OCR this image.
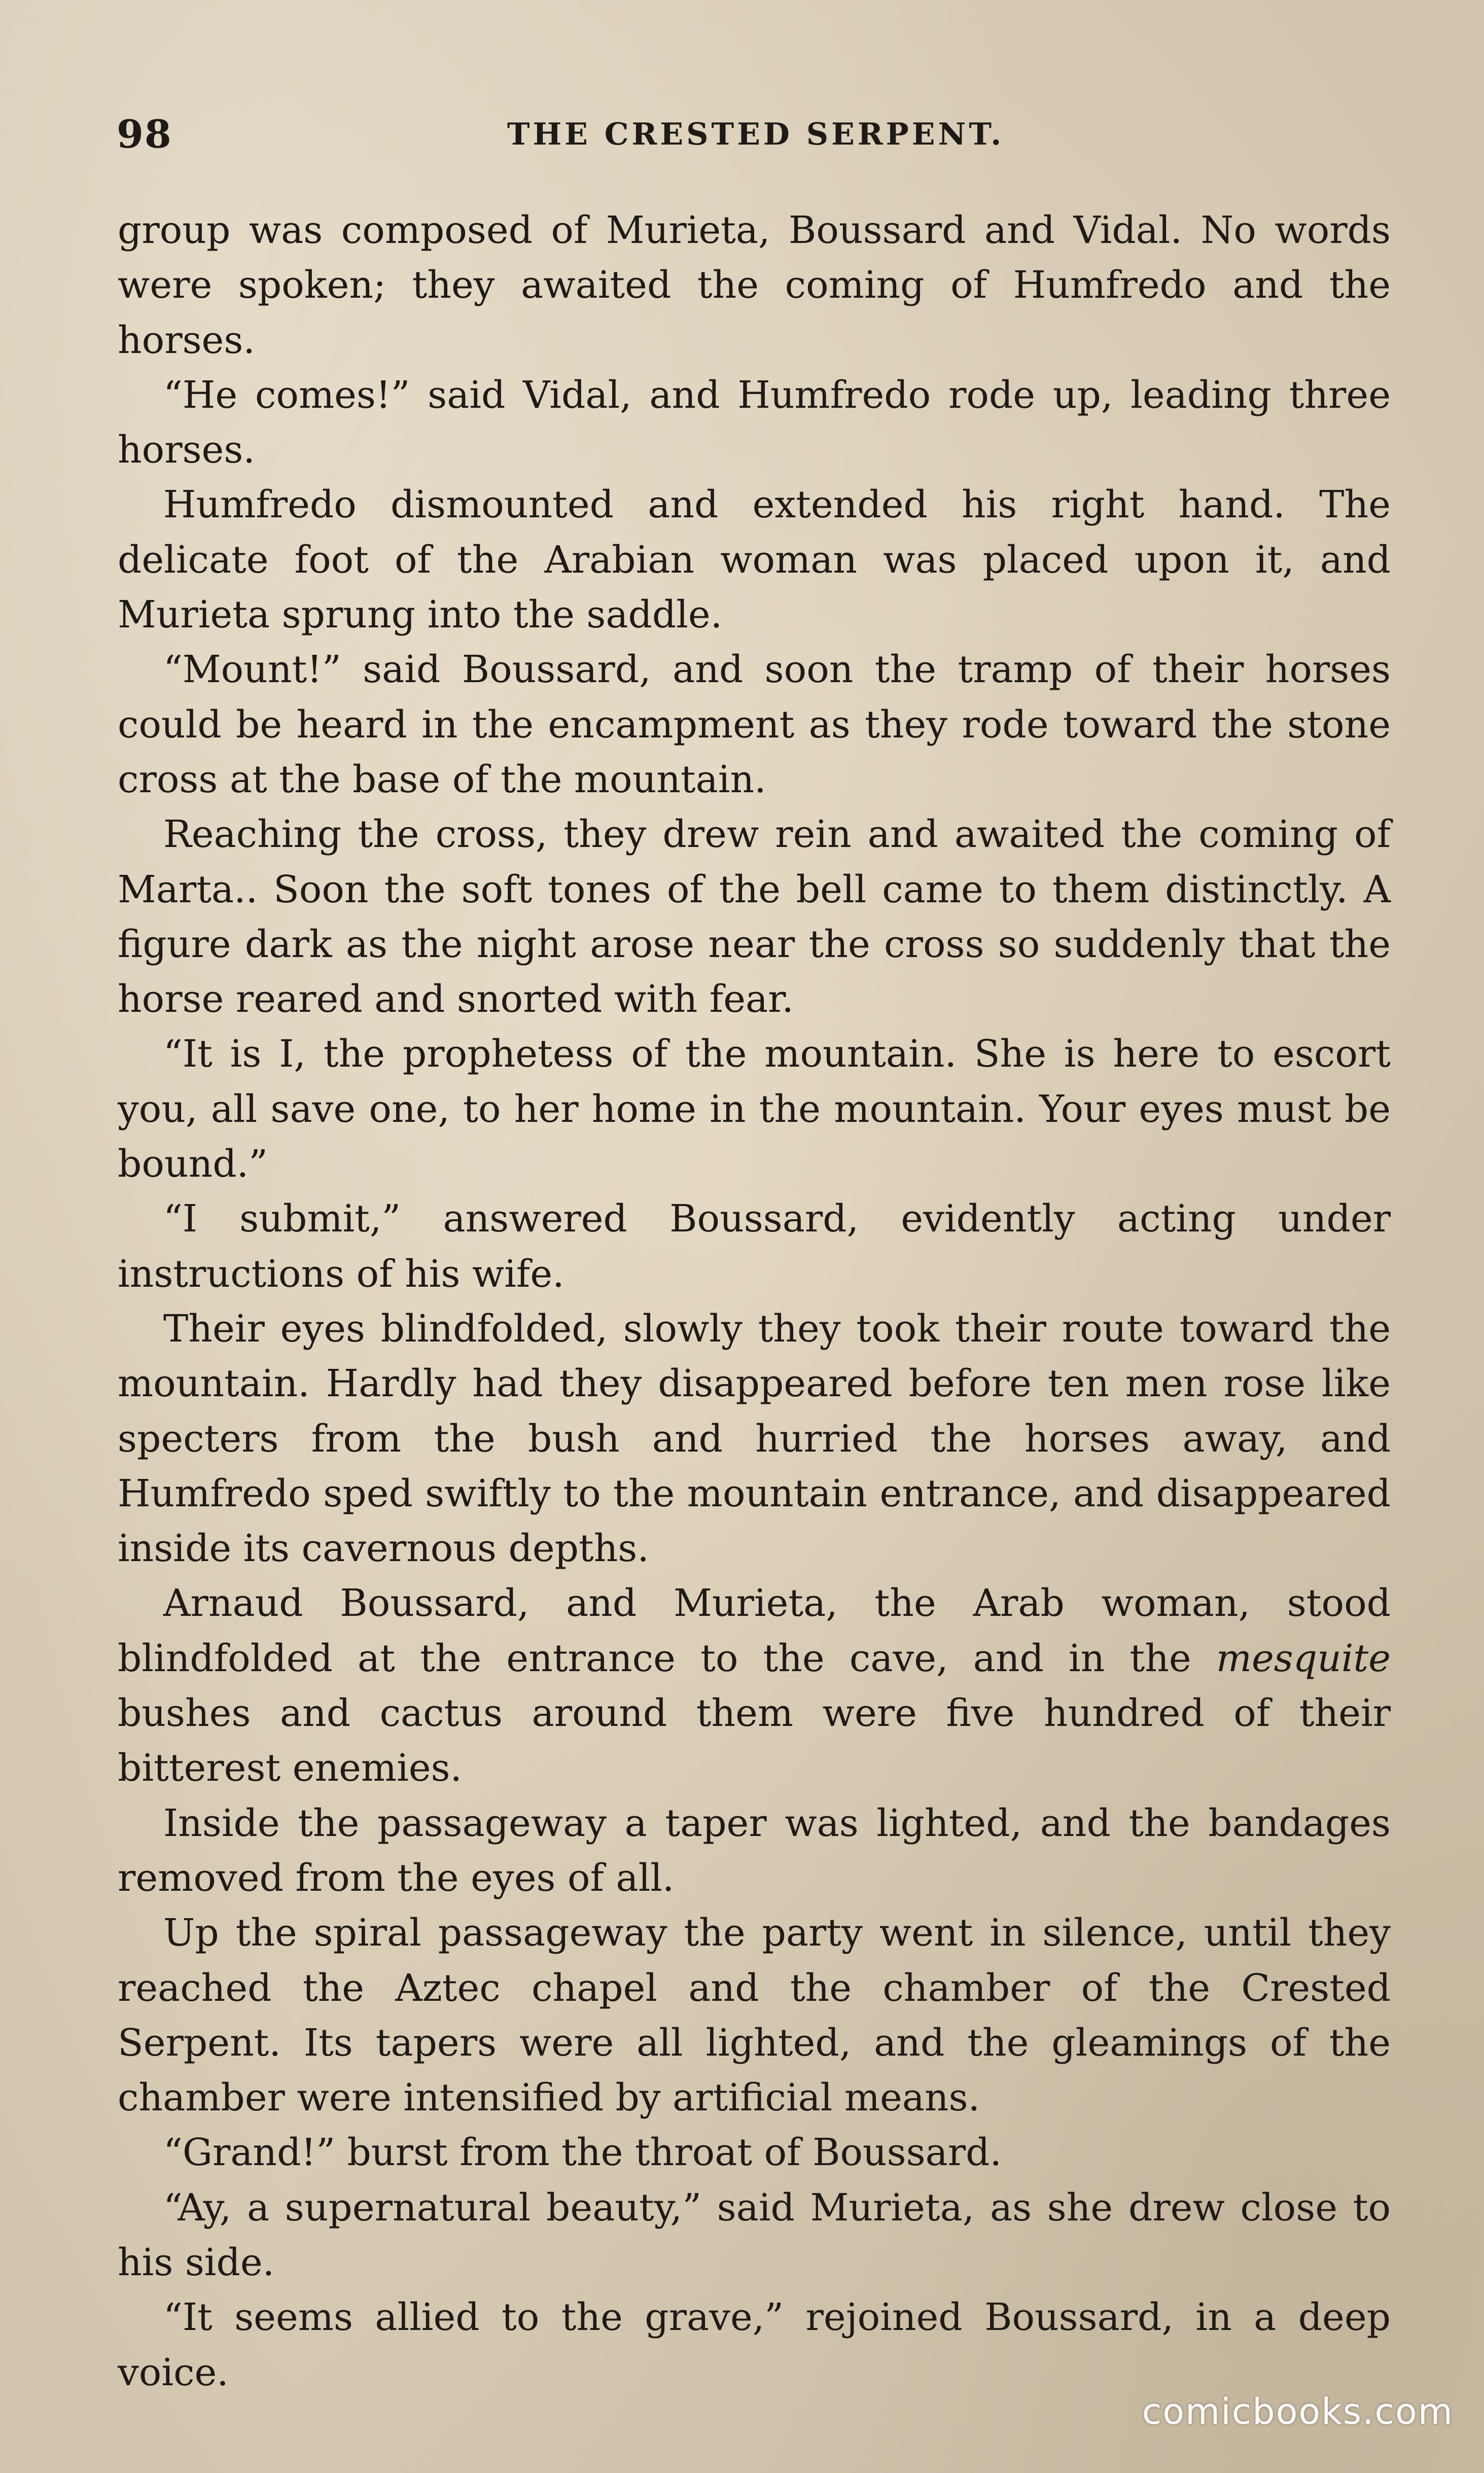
98	THE CRESTED SERPENT.

group was composed of Murieta, Boussard and Vidal. No words were spoken; they awaited the coming of Humfredo and the horses.

“He comes!” said Vidal, and Humfredo rode up, leading three horses.

Humfredo dismounted and extended his right hand. The delicate foot of the Arabian woman was placed upon it, and Murieta sprung into the saddle.

“Mount!” said Boussard, and soon the tramp of their horses could be heard in the encampment as they rode toward the stone cross at the base of the mountain.

Reaching the cross, they drew rein and awaited the coming of Marta.. Soon the soft tones of the bell came to them distinctly. A figure dark as the night arose near the cross so suddenly that the horse reared and snorted with fear.

“It is I, the prophetess of the mountain. She is here to escort you, all save one, to her home in the mountain. Your eyes must be bound.”

“I submit,” answered Boussard, evidently acting under instructions of his wife.

Their eyes blindfolded, slowly they took their route toward the mountain. Hardly had they disappeared before ten men rose like specters from the bush and hurried the horses away, and Humfredo sped swiftly to the mountain entrance, and disappeared inside its cavernous depths.

Arnaud Boussard, and Murieta, the Arab woman, stood blindfolded at the entrance to the cave, and in the mesquite bushes and cactus around them were five hundred of their bitterest enemies.

Inside the passageway a taper was lighted, and the bandages removed from the eyes of all.

Up the spiral passageway the party went in silence, until they reached the Aztec chapel and the chamber of the Crested Serpent. Its tapers were all lighted, and the gleamings of the chamber were intensified by artificial means.

“Grand!” burst from the throat of Boussard.

“Ay, a supernatural beauty,” said Murieta, as she drew close to his side.

“It seems allied to the grave,” rejoined Boussard, in a deep voice.

comicbooks.com
